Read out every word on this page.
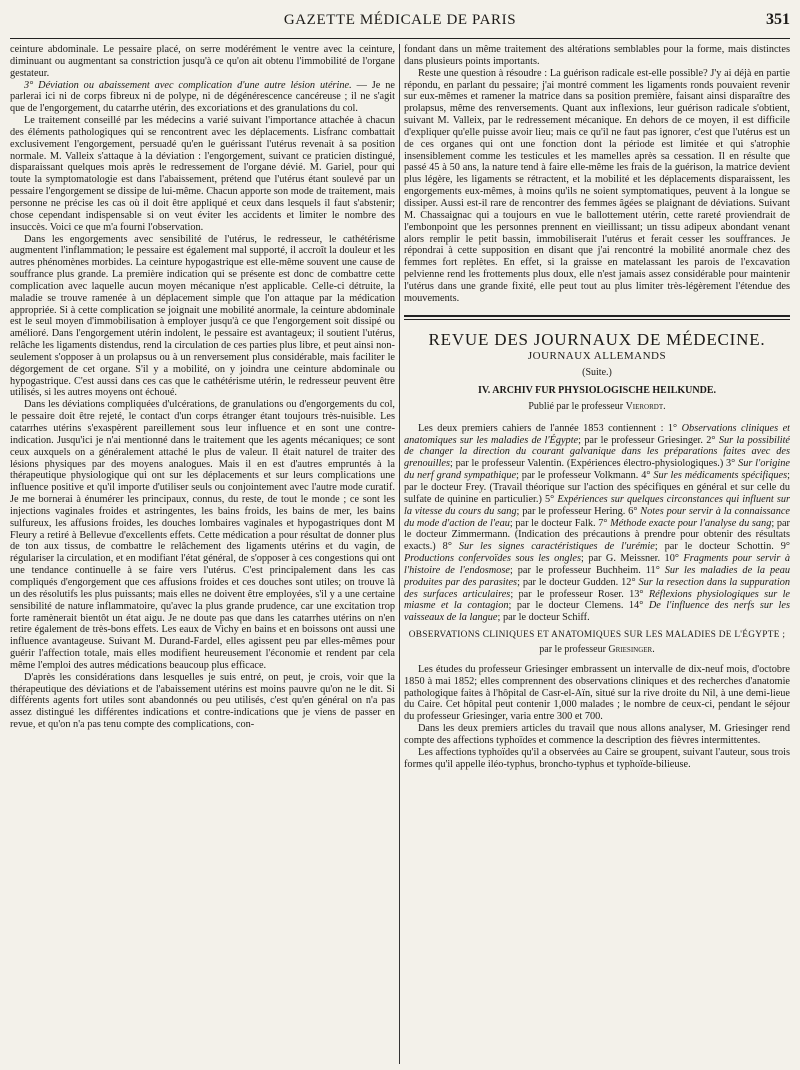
GAZETTE MÉDICALE DE PARIS	351

ceinture abdominale. Le pessaire placé, on serre modérément le ventre avec la ceinture, diminuant ou augmentant sa constriction jusqu'à ce qu'on ait obtenu l'immobilité de l'organe gestateur.

3° Déviation ou abaissement avec complication d'une autre lésion utérine. — Je ne parlerai ici ni de corps fibreux ni de polype, ni de dégénérescence cancéreuse ; il ne s'agit que de l'engorgement, du catarrhe utérin, des excoriations et des granulations du col.

Le traitement conseillé par les médecins a varié suivant l'importance attachée à chacun des éléments pathologiques qui se rencontrent avec les déplacements. Lisfranc combattait exclusivement l'engorgement, persuadé qu'en le guérissant l'utérus revenait à sa position normale. M. Valleix s'attaque à la déviation : l'engorgement, suivant ce praticien distingué, disparaissant quelques mois après le redressement de l'organe dévié. M. Gariel, pour qui toute la symptomatologie est dans l'abaissement, prétend que l'utérus étant soulevé par un pessaire l'engorgement se dissipe de lui-même. Chacun apporte son mode de traitement, mais personne ne précise les cas où il doit être appliqué et ceux dans lesquels il faut s'abstenir; chose cependant indispensable si on veut éviter les accidents et limiter le nombre des insuccès. Voici ce que m'a fourni l'observation.

Dans les engorgements avec sensibilité de l'utérus, le redresseur, le cathétérisme augmentent l'inflammation; le pessaire est également mal supporté, il accroît la douleur et les autres phénomènes morbides. La ceinture hypogastrique est elle-même souvent une cause de souffrance plus grande. La première indication qui se présente est donc de combattre cette complication avec laquelle aucun moyen mécanique n'est applicable. Celle-ci détruite, la maladie se trouve ramenée à un déplacement simple que l'on attaque par la médication appropriée. Si à cette complication se joignait une mobilité anormale, la ceinture abdominale est le seul moyen d'immobilisation à employer jusqu'à ce que l'engorgement soit dissipé ou amélioré. Dans l'engorgement utérin indolent, le pessaire est avantageux; il soutient l'utérus, relâche les ligaments distendus, rend la circulation de ces parties plus libre, et peut ainsi non-seulement s'opposer à un prolapsus ou à un renversement plus considérable, mais faciliter le dégorgement de cet organe. S'il y a mobilité, on y joindra une ceinture abdominale ou hypogastrique. C'est aussi dans ces cas que le cathétérisme utérin, le redresseur peuvent être utilisés, si les autres moyens ont échoué.

Dans les déviations compliquées d'ulcérations, de granulations ou d'engorgements du col, le pessaire doit être rejeté, le contact d'un corps étranger étant toujours très-nuisible. Les catarrhes utérins s'exaspèrent pareillement sous leur influence et en sont une contre-indication. Jusqu'ici je n'ai mentionné dans le traitement que les agents mécaniques; ce sont ceux auxquels on a généralement attaché le plus de valeur. Il était naturel de traiter des lésions physiques par des moyens analogues. Mais il en est d'autres empruntés à la thérapeutique physiologique qui ont sur les déplacements et sur leurs complications une influence positive et qu'il importe d'utiliser seuls ou conjointement avec l'autre mode curatif. Je me bornerai à énumérer les principaux, connus, du reste, de tout le monde ; ce sont les injections vaginales froides et astringentes, les bains froids, les bains de mer, les bains sulfureux, les affusions froides, les douches lombaires vaginales et hypogastriques dont M Fleury a retiré à Bellevue d'excellents effets. Cette médication a pour résultat de donner plus de ton aux tissus, de combattre le relâchement des ligaments utérins et du vagin, de régulariser la circulation, et en modifiant l'état général, de s'opposer à ces congestions qui ont une tendance continuelle à se faire vers l'utérus. C'est principalement dans les cas compliqués d'engorgement que ces affusions froides et ces douches sont utiles; on trouve là un des résolutifs les plus puissants; mais elles ne doivent être employées, s'il y a une certaine sensibilité de nature inflammatoire, qu'avec la plus grande prudence, car une excitation trop forte ramènerait bientôt un état aigu. Je ne doute pas que dans les catarrhes utérins on n'en retire également de très-bons effets. Les eaux de Vichy en bains et en boissons ont aussi une influence avantageuse. Suivant M. Durand-Fardel, elles agissent peu par elles-mêmes pour guérir l'affection totale, mais elles modifient heureusement l'économie et rendent par cela même l'emploi des autres médications beaucoup plus efficace.

D'après les considérations dans lesquelles je suis entré, on peut, je crois, voir que la thérapeutique des déviations et de l'abaissement utérins est moins pauvre qu'on ne le dit. Si différents agents fort utiles sont abandonnés ou peu utilisés, c'est qu'en général on n'a pas assez distingué les différentes indications et contre-indications que je viens de passer en revue, et qu'on n'a pas tenu compte des complications, con-

fondant dans un même traitement des altérations semblables pour la forme, mais distinctes dans plusieurs points importants.

Reste une question à résoudre : La guérison radicale est-elle possible? J'y ai déjà en partie répondu, en parlant du pessaire; j'ai montré comment les ligaments ronds pouvaient revenir sur eux-mêmes et ramener la matrice dans sa position première, faisant ainsi disparaître des prolapsus, même des renversements. Quant aux inflexions, leur guérison radicale s'obtient, suivant M. Valleix, par le redressement mécanique. En dehors de ce moyen, il est difficile d'expliquer qu'elle puisse avoir lieu; mais ce qu'il ne faut pas ignorer, c'est que l'utérus est un de ces organes qui ont une fonction dont la période est limitée et qui s'atrophie insensiblement comme les testicules et les mamelles après sa cessation. Il en résulte que passé 45 à 50 ans, la nature tend à faire elle-même les frais de la guérison, la matrice devient plus légère, les ligaments se rétractent, et la mobilité et les déplacements disparaissent, les engorgements eux-mêmes, à moins qu'ils ne soient symptomatiques, peuvent à la longue se dissiper. Aussi est-il rare de rencontrer des femmes âgées se plaignant de déviations. Suivant M. Chassaignac qui a toujours en vue le ballottement utérin, cette rareté proviendrait de l'embonpoint que les personnes prennent en vieillissant; un tissu adipeux abondant venant alors remplir le petit bassin, immobiliserait l'utérus et ferait cesser les souffrances. Je répondrai à cette supposition en disant que j'ai rencontré la mobilité anormale chez des femmes fort replètes. En effet, si la graisse en matelassant les parois de l'excavation pelvienne rend les frottements plus doux, elle n'est jamais assez considérable pour maintenir l'utérus dans une grande fixité, elle peut tout au plus limiter très-légèrement l'étendue des mouvements.

REVUE DES JOURNAUX DE MÉDECINE.
JOURNAUX ALLEMANDS
(Suite.)
IV. ARCHIV FUR PHYSIOLOGISCHE HEILKUNDE.
Publié par le professeur Vierordt.

Les deux premiers cahiers de l'année 1853 contiennent : 1° Observations cliniques et anatomiques sur les maladies de l'Égypte; par le professeur Griesinger. 2° Sur la possibilité de changer la direction du courant galvanique dans les préparations faites avec des grenouilles; par le professeur Valentin. (Expériences électro-physiologiques.) 3° Sur l'origine du nerf grand sympathique; par le professeur Volkmann. 4° Sur les médicaments spécifiques; par le docteur Frey. (Travail théorique sur l'action des spécifiques en général et sur celle du sulfate de quinine en particulier.) 5° Expériences sur quelques circonstances qui influent sur la vitesse du cours du sang; par le professeur Hering. 6° Notes pour servir à la connaissance du mode d'action de l'eau; par le docteur Falk. 7° Méthode exacte pour l'analyse du sang; par le docteur Zimmermann. (Indication des précautions à prendre pour obtenir des résultats exacts.) 8° Sur les signes caractéristiques de l'urémie; par le docteur Schottin. 9° Productions confervoïdes sous les ongles; par G. Meissner. 10° Fragments pour servir à l'histoire de l'endosmose; par le professeur Buchheim. 11° Sur les maladies de la peau produites par des parasites; par le docteur Gudden. 12° Sur la resection dans la suppuration des surfaces articulaires; par le professeur Roser. 13° Réflexions physiologiques sur le miasme et la contagion; par le docteur Clemens. 14° De l'influence des nerfs sur les vaisseaux de la langue; par le docteur Schiff.

OBSERVATIONS CLINIQUES ET ANATOMIQUES SUR LES MALADIES DE L'ÉGYPTE ;
par le professeur Griesinger.

Les études du professeur Griesinger embrassent un intervalle de dix-neuf mois, d'octobre 1850 à mai 1852; elles comprennent des observations cliniques et des recherches d'anatomie pathologique faites à l'hôpital de Casr-el-Aïn, situé sur la rive droite du Nil, à une demi-lieue du Caire. Cet hôpital peut contenir 1,000 malades ; le nombre de ceux-ci, pendant le séjour du professeur Griesinger, varia entre 300 et 700.

Dans les deux premiers articles du travail que nous allons analyser, M. Griesinger rend compte des affections typhoïdes et commence la description des fièvres intermittentes.

Les affections typhoïdes qu'il a observées au Caire se groupent, suivant l'auteur, sous trois formes qu'il appelle iléo-typhus, broncho-typhus et typhoïde-bilieuse.
